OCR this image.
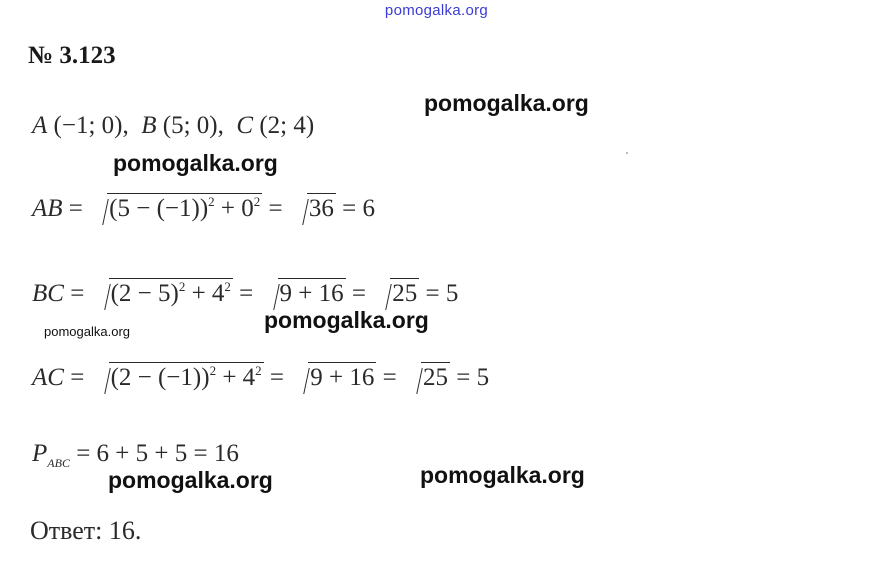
pomogalka.org
№ 3.123
pomogalka.org
A (−1; 0), B (5; 0), C (2; 4)
pomogalka.org
AB = $(5 - (-1))^2 + 0^2 = 36 = 6$
BC = $(2 - 5)^2 + 4^2 = 9 + 16 = 25 = 5$
pomogalka.org	pomogalka.org
AC = $(2 - (-1))^2 + 4^2 = 9 + 16 = 25 = 5$
$P_{ABC} = 6 + 5 + 5 = 16$
pomogalka.org
pomogalka.org
Ответ: 16.
